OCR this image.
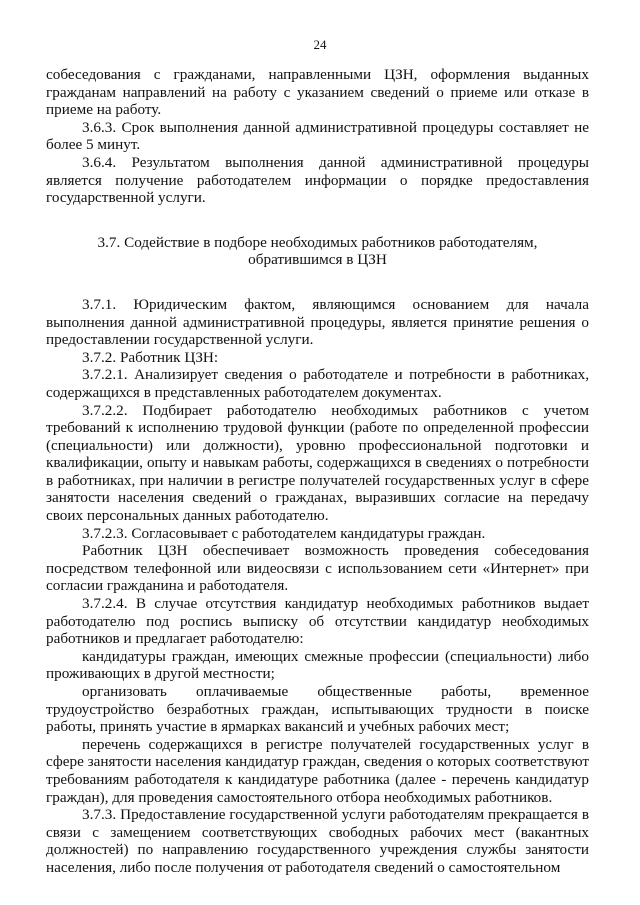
24

собеседования с гражданами, направленными ЦЗН, оформления выданных гражданам направлений на работу с указанием сведений о приеме или отказе в приеме на работу.

3.6.3. Срок выполнения данной административной процедуры составляет не более 5 минут.

3.6.4. Результатом выполнения данной административной процедуры является получение работодателем информации о порядке предоставления государственной услуги.

3.7. Содействие в подборе необходимых работников работодателям,
обратившимся в ЦЗН

3.7.1. Юридическим фактом, являющимся основанием для начала выполнения данной административной процедуры, является принятие решения о предоставлении государственной услуги.

3.7.2. Работник ЦЗН:

3.7.2.1. Анализирует сведения о работодателе и потребности в работниках, содержащихся в представленных работодателем документах.

3.7.2.2. Подбирает работодателю необходимых работников с учетом требований к исполнению трудовой функции (работе по определенной профессии (специальности) или должности), уровню профессиональной подготовки и квалификации, опыту и навыкам работы, содержащихся в сведениях о потребности в работниках, при наличии в регистре получателей государственных услуг в сфере занятости населения сведений о гражданах, выразивших согласие на передачу своих персональных данных работодателю.

3.7.2.3. Согласовывает с работодателем кандидатуры граждан.

Работник ЦЗН обеспечивает возможность проведения собеседования посредством телефонной или видеосвязи с использованием сети «Интернет» при согласии гражданина и работодателя.

3.7.2.4. В случае отсутствия кандидатур необходимых работников выдает работодателю под роспись выписку об отсутствии кандидатур необходимых работников и предлагает работодателю:

кандидатуры граждан, имеющих смежные профессии (специальности) либо проживающих в другой местности;

организовать оплачиваемые общественные работы, временное трудоустройство безработных граждан, испытывающих трудности в поиске работы, принять участие в ярмарках вакансий и учебных рабочих мест;

перечень содержащихся в регистре получателей государственных услуг в сфере занятости населения кандидатур граждан, сведения о которых соответствуют требованиям работодателя к кандидатуре работника (далее - перечень кандидатур граждан), для проведения самостоятельного отбора необходимых работников.

3.7.3. Предоставление государственной услуги работодателям прекращается в связи с замещением соответствующих свободных рабочих мест (вакантных должностей) по направлению государственного учреждения службы занятости населения, либо после получения от работодателя сведений о самостоятельном
